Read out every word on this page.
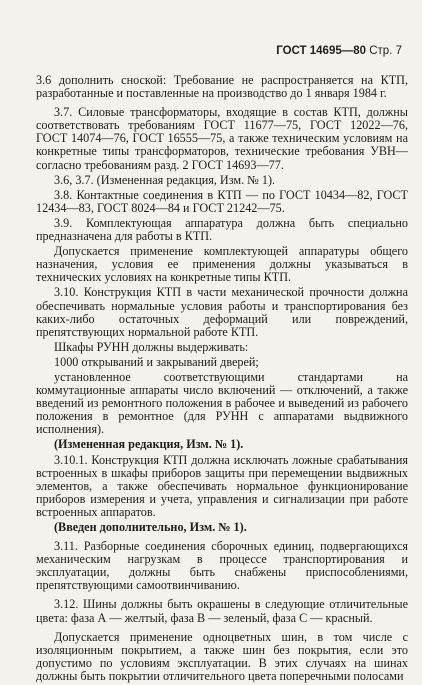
ГОСТ 14695—80 Стр. 7

3.6 дополнить сноской: Требование не распространяется на КТП, разработанные и поставленные на производство до 1 января 1984 г.

3.7. Силовые трансформаторы, входящие в состав КТП, должны соответствовать требованиям ГОСТ 11677—75, ГОСТ 12022—76, ГОСТ 14074—76, ГОСТ 16555—75, а также техническим условиям на конкретные типы трансформаторов, технические требования УВН—согласно требованиям разд. 2 ГОСТ 14693—77.

3.6, 3.7. (Измененная редакция, Изм. № 1).

3.8. Контактные соединения в КТП — по ГОСТ 10434—82, ГОСТ 12434—83, ГОСТ 8024—84 и ГОСТ 21242—75.

3.9. Комплектующая аппаратура должна быть специально предназначена для работы в КТП.

Допускается применение комплектующей аппаратуры общего назначения, условия ее применения должны указываться в технических условиях на конкретные типы КТП.

3.10. Конструкция КТП в части механической прочности должна обеспечивать нормальные условия работы и транспортирования без каких-либо остаточных деформаций или повреждений, препятствующих нормальной работе КТП.

Шкафы РУНН должны выдерживать:

1000 открываний и закрываний дверей;

установленное соответствующими стандартами на коммутационные аппараты число включений — отключений, а также введений из ремонтного положения в рабочее и выведений из рабочего положения в ремонтное (для РУНН с аппаратами выдвижного исполнения).

(Измененная редакция, Изм. № 1).

3.10.1. Конструкция КТП должна исключать ложные срабатывания встроенных в шкафы приборов защиты при перемещении выдвижных элементов, а также обеспечивать нормальное функционирование приборов измерения и учета, управления и сигнализации при работе встроенных аппаратов.

(Введен дополнительно, Изм. № 1).

3.11. Разборные соединения сборочных единиц, подвергающихся механическим нагрузкам в процессе транспортирования и эксплуатации, должны быть снабжены приспособлениями, препятствующими самоотвинчиванию.

3.12. Шины должны быть окрашены в следующие отличительные цвета: фаза А — желтый, фаза В — зеленый, фаза С — красный.

Допускается применение одноцветных шин, в том числе с изоляционным покрытием, а также шин без покрытия, если это допустимо по условиям эксплуатации. В этих случаях на шинах должны быть покрытии отличительного цвета поперечными полосами
